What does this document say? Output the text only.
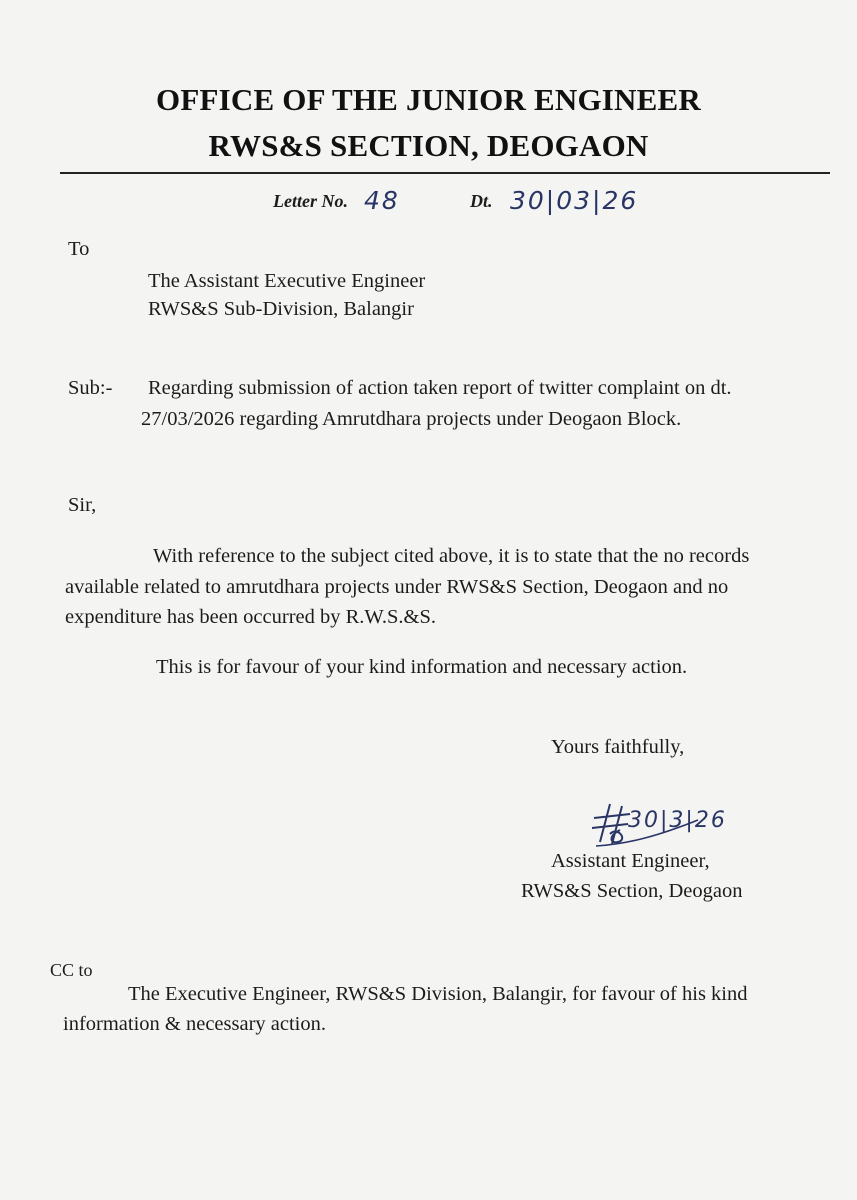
OFFICE OF THE JUNIOR ENGINEER
RWS&S SECTION, DEOGAON
Letter No. 48	Dt. 30|03|26
To
The Assistant Executive Engineer
RWS&S Sub-Division, Balangir
Sub:- Regarding submission of action taken report of twitter complaint on dt.
27/03/2026 regarding Amrutdhara projects under Deogaon Block.
Sir,
With reference to the subject cited above, it is to state that the no records
available related to amrutdhara projects under RWS&S Section, Deogaon and no
expenditure has been occurred by R.W.S.&S.
This is for favour of your kind information and necessary action.
Yours faithfully,
30|3|26
Assistant Engineer,
RWS&S Section, Deogaon
CC to
The Executive Engineer, RWS&S Division, Balangir, for favour of his kind
information & necessary action.
